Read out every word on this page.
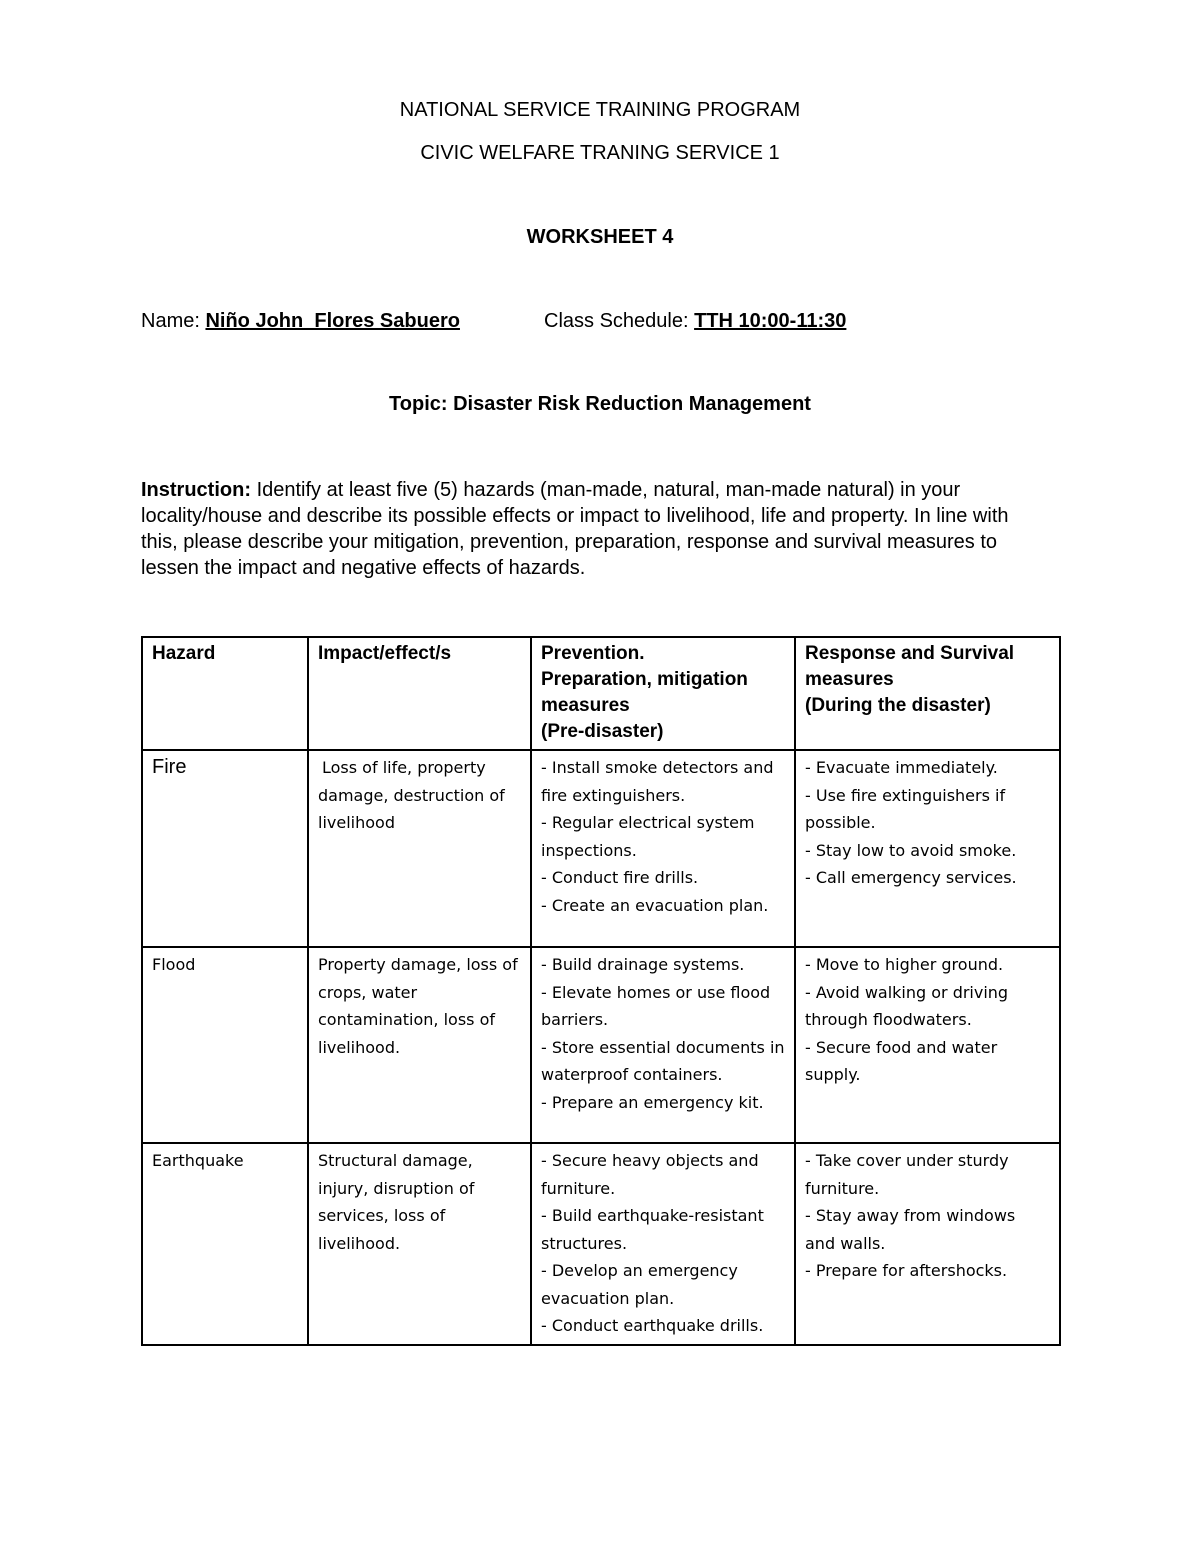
NATIONAL SERVICE TRAINING PROGRAM
CIVIC WELFARE TRANING SERVICE 1
WORKSHEET 4
Name: Niño John  Flores Sabuero	Class Schedule: TTH 10:00-11:30
Topic: Disaster Risk Reduction Management
Instruction: Identify at least five (5) hazards (man-made, natural, man-made natural) in your locality/house and describe its possible effects or impact to livelihood, life and property. In line with this, please describe your mitigation, prevention, preparation, response and survival measures to lessen the impact and negative effects of hazards.
Hazard	Impact/effect/s	Prevention.
Preparation, mitigation measures
(Pre-disaster)	Response and Survival measures
(During the disaster)

Fire	Loss of life, property damage, destruction of livelihood	- Install smoke detectors and fire extinguishers.
- Regular electrical system inspections.
- Conduct fire drills.
- Create an evacuation plan.	- Evacuate immediately.
- Use fire extinguishers if possible.
- Stay low to avoid smoke.
- Call emergency services.

Flood	Property damage, loss of crops, water contamination, loss of livelihood.	- Build drainage systems.
- Elevate homes or use flood barriers.
- Store essential documents in waterproof containers.
- Prepare an emergency kit.	- Move to higher ground.
- Avoid walking or driving through floodwaters.
- Secure food and water supply.

Earthquake	Structural damage, injury, disruption of services, loss of livelihood.	- Secure heavy objects and furniture.
- Build earthquake-resistant structures.
- Develop an emergency evacuation plan.
- Conduct earthquake drills.	- Take cover under sturdy furniture.
- Stay away from windows and walls.
- Prepare for aftershocks.
